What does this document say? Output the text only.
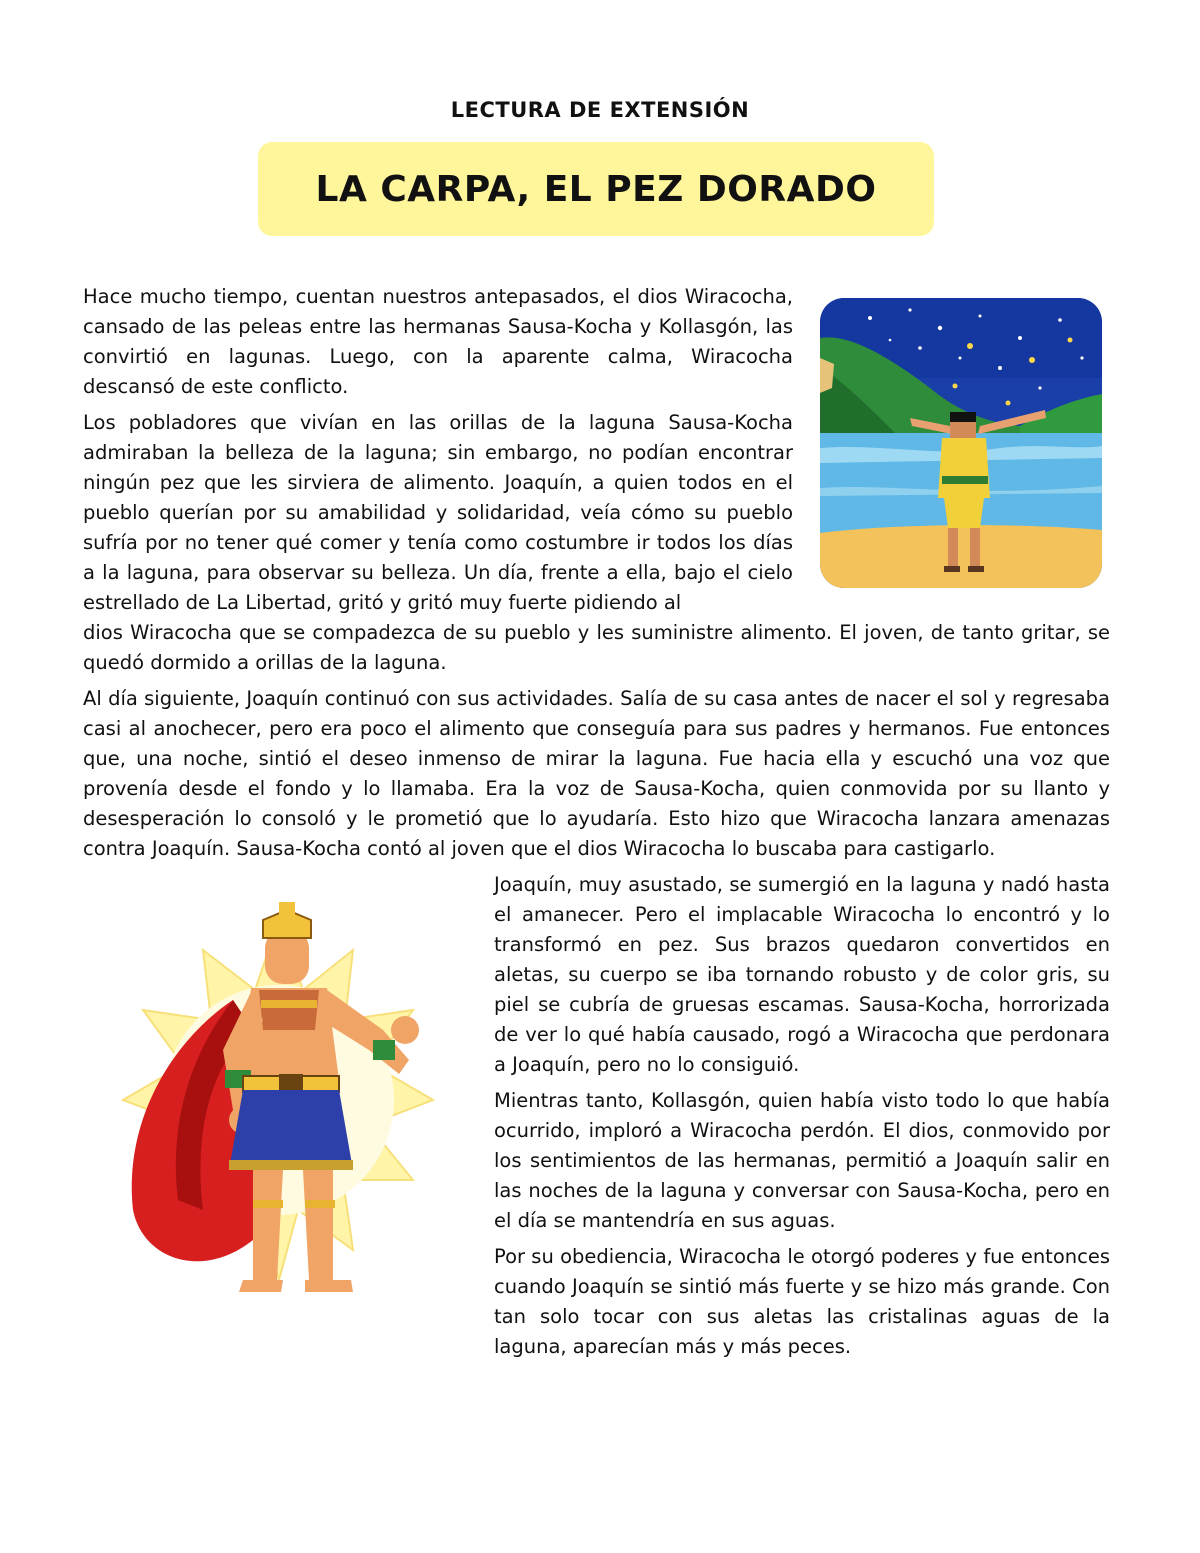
LECTURA DE EXTENSIÓN
LA CARPA, EL PEZ DORADO

Hace mucho tiempo, cuentan nuestros antepasados, el dios Wiracocha, cansado de las peleas entre las hermanas Sausa-Kocha y Kollasgón, las convirtió en lagunas. Luego, con la aparente calma, Wiracocha descansó de este conflicto.

Los pobladores que vivían en las orillas de la laguna Sausa-Kocha admiraban la belleza de la laguna; sin embargo, no podían encontrar ningún pez que les sirviera de alimento. Joaquín, a quien todos en el pueblo querían por su amabilidad y solidaridad, veía cómo su pueblo sufría por no tener qué comer y tenía como costumbre ir todos los días a la laguna, para observar su belleza. Un día, frente a ella, bajo el cielo estrellado de La Libertad, gritó y gritó muy fuerte pidiendo al

dios Wiracocha que se compadezca de su pueblo y les suministre alimento. El joven, de tanto gritar, se quedó dormido a orillas de la laguna.

Al día siguiente, Joaquín continuó con sus actividades. Salía de su casa antes de nacer el sol y regresaba casi al anochecer, pero era poco el alimento que conseguía para sus padres y hermanos. Fue entonces que, una noche, sintió el deseo inmenso de mirar la laguna. Fue hacia ella y escuchó una voz que provenía desde el fondo y lo llamaba. Era la voz de Sausa-Kocha, quien conmovida por su llanto y desesperación lo consoló y le prometió que lo ayudaría. Esto hizo que Wiracocha lanzara amenazas contra Joaquín. Sausa-Kocha contó al joven que el dios Wiracocha lo buscaba para castigarlo.

Joaquín, muy asustado, se sumergió en la laguna y nadó hasta el amanecer. Pero el implacable Wiracocha lo encontró y lo transformó en pez. Sus brazos quedaron convertidos en aletas, su cuerpo se iba tornando robusto y de color gris, su piel se cubría de gruesas escamas. Sausa-Kocha, horrorizada de ver lo qué había causado, rogó a Wiracocha que perdonara a Joaquín, pero no lo consiguió.

Mientras tanto, Kollasgón, quien había visto todo lo que había ocurrido, imploró a Wiracocha perdón. El dios, conmovido por los sentimientos de las hermanas, permitió a Joaquín salir en las noches de la laguna y conversar con Sausa-Kocha, pero en el día se mantendría en sus aguas.

Por su obediencia, Wiracocha le otorgó poderes y fue entonces cuando Joaquín se sintió más fuerte y se hizo más grande. Con tan solo tocar con sus aletas las cristalinas aguas de la laguna, aparecían más y más peces.
